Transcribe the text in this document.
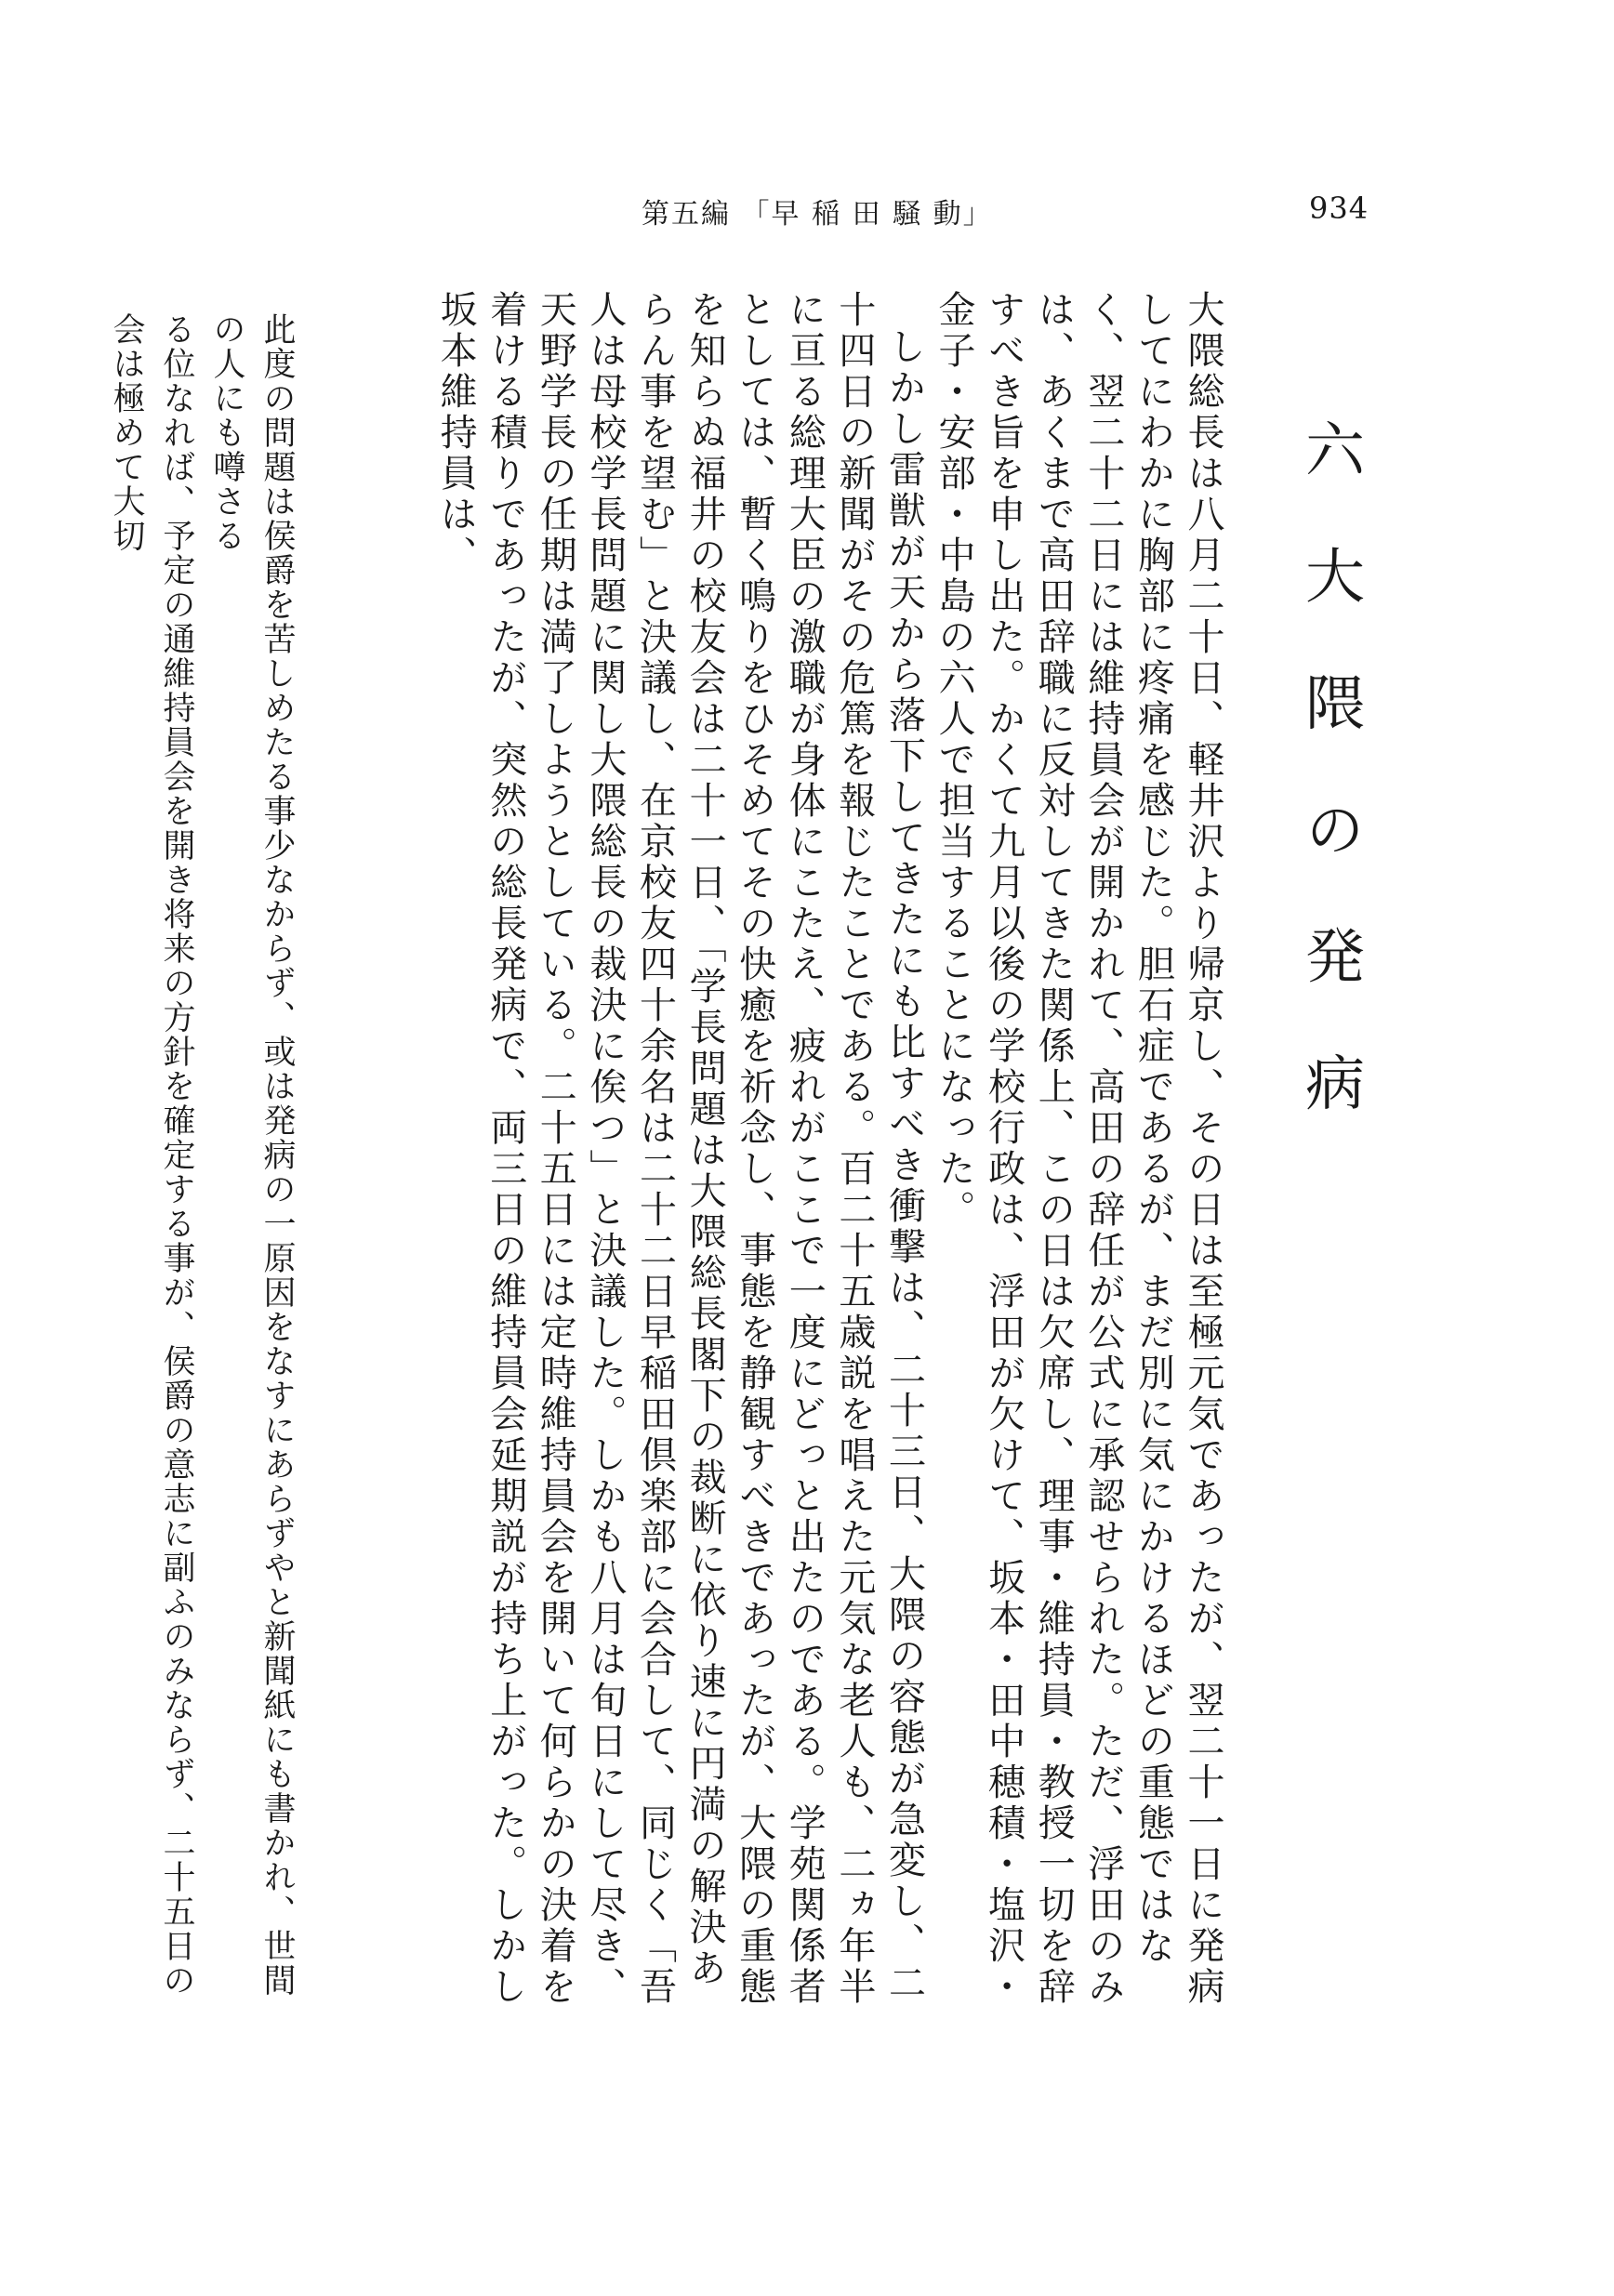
第五編 「早 稲 田 騒 動」	934
六 大 隈 の 発 病

大隈総長は八月二十日、軽井沢より帰京し、その日は至極元気であったが、翌二十一日に発病してにわかに胸部に疼痛を感じた。胆石症であるが、まだ別に気にかけるほどの重態ではなく、翌二十二日には維持員会が開かれて、高田の辞任が公式に承認せられた。ただ、浮田のみは、あくまで高田辞職に反対してきた関係上、この日は欠席し、理事・維持員・教授一切を辞すべき旨を申し出た。かくて九月以後の学校行政は、浮田が欠けて、坂本・田中穂積・塩沢・金子・安部・中島の六人で担当することになった。

しかし雷獣が天から落下してきたにも比すべき衝撃は、二十三日、大隈の容態が急変し、二十四日の新聞がその危篤を報じたことである。百二十五歳説を唱えた元気な老人も、二ヵ年半に亘る総理大臣の激職が身体にこたえ、疲れがここで一度にどっと出たのである。学苑関係者としては、暫く鳴りをひそめてその快癒を祈念し、事態を静観すべきであったが、大隈の重態を知らぬ福井の校友会は二十一日、「学長問題は大隈総長閣下の裁断に依り速に円満の解決あらん事を望む」と決議し、在京校友四十余名は二十二日早稲田倶楽部に会合して、同じく「吾人は母校学長問題に関し大隈総長の裁決に俟つ」と決議した。しかも八月は旬日にして尽き、天野学長の任期は満了しようとしている。二十五日には定時維持員会を開いて何らかの決着を着ける積りであったが、突然の総長発病で、両三日の維持員会延期説が持ち上がった。しかし坂本維持員は、

此度の問題は侯爵を苦しめたる事少なからず、或は発病の一原因をなすにあらずやと新聞紙にも書かれ、世間の人にも噂さる

る位なれば、予定の通維持員会を開き将来の方針を確定する事が、侯爵の意志に副ふのみならず、二十五日の会は極めて大切
